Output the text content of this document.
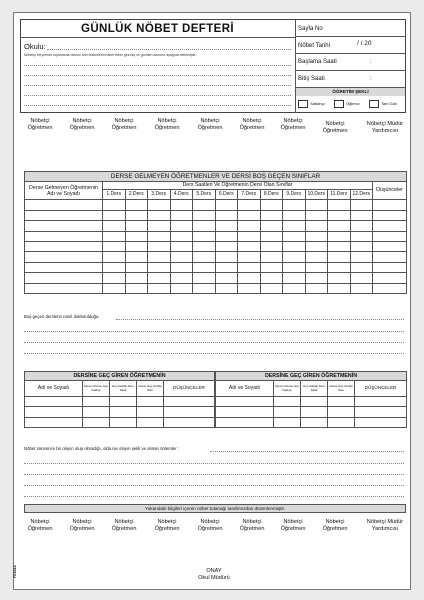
GÜNLÜK NÖBET DEFTERİ
Okulu:
Nöbetçi Heyetimiz toplanarak okulun tüm bölümlerini teker teker gezmiş ve görülen durumu aşağıda belirtmiştir:
Sayfa No
Nöbet Tarihi	/ / 20
Başlama Saati	:
Bitiş Saati	:
ÖĞRETİM ŞEKLİ
Sabahçı	Öğlenci	Tam Gün
Nöbetçi Öğretmen
Nöbetçi Öğretmen
Nöbetçi Öğretmen
Nöbetçi Öğretmen
Nöbetçi Öğretmen
Nöbetçi Öğretmen
Nöbetçi Öğretmen
Nöbetçi Öğretmen
Nöbetçi Müdür Yardımcısı
DERSE GELMEYEN ÖĞRETMENLER VE DERSİ BOŞ GEÇEN SINIFLAR													
Derse Gelmeyen Öğretmenin Adı ve Soyadı	Ders Saatleri Ve Öğretmenin Dersi Olan Sınıflar												Düşünceler
	1.Ders	2.Ders	3.Ders	4.Ders	5.Ders	6.Ders	7.Ders	8.Ders	9.Ders	10.Ders	11.Ders	12.Ders	

Boş geçen derslerin nasıl doldurulduğu:
DERSİNE GEÇ GİREN ÖĞRETMENİN				
Adı ve Soyadı	Kaçıncı Derse Geç Kaldığı	Geç Kaldığı Ders Saati	Derse Geç Girdiği Süre	DÜŞÜNCELER

DERSİNE GEÇ GİREN ÖĞRETMENİN				
Adı ve Soyadı	Kaçıncı Derse Geç Kaldığı	Geç Kaldığı Ders Saati	Derse Geç Girdiği Süre	DÜŞÜNCELER

Nöbet süresince bir olayın olup olmadığı, oldu ise olayın şekli ve alınan önlemler :
Yukarıdaki bilgileri içeren nöbet tutanağı tarafımızdan düzenlenmiştir.
Nöbetçi Öğretmen
Nöbetçi Öğretmen
Nöbetçi Öğretmen
Nöbetçi Öğretmen
Nöbetçi Öğretmen
Nöbetçi Öğretmen
Nöbetçi Öğretmen
Nöbetçi Öğretmen
Nöbetçi Müdür Yardımcısı
ONAY
Okul Müdürü
FE2418
